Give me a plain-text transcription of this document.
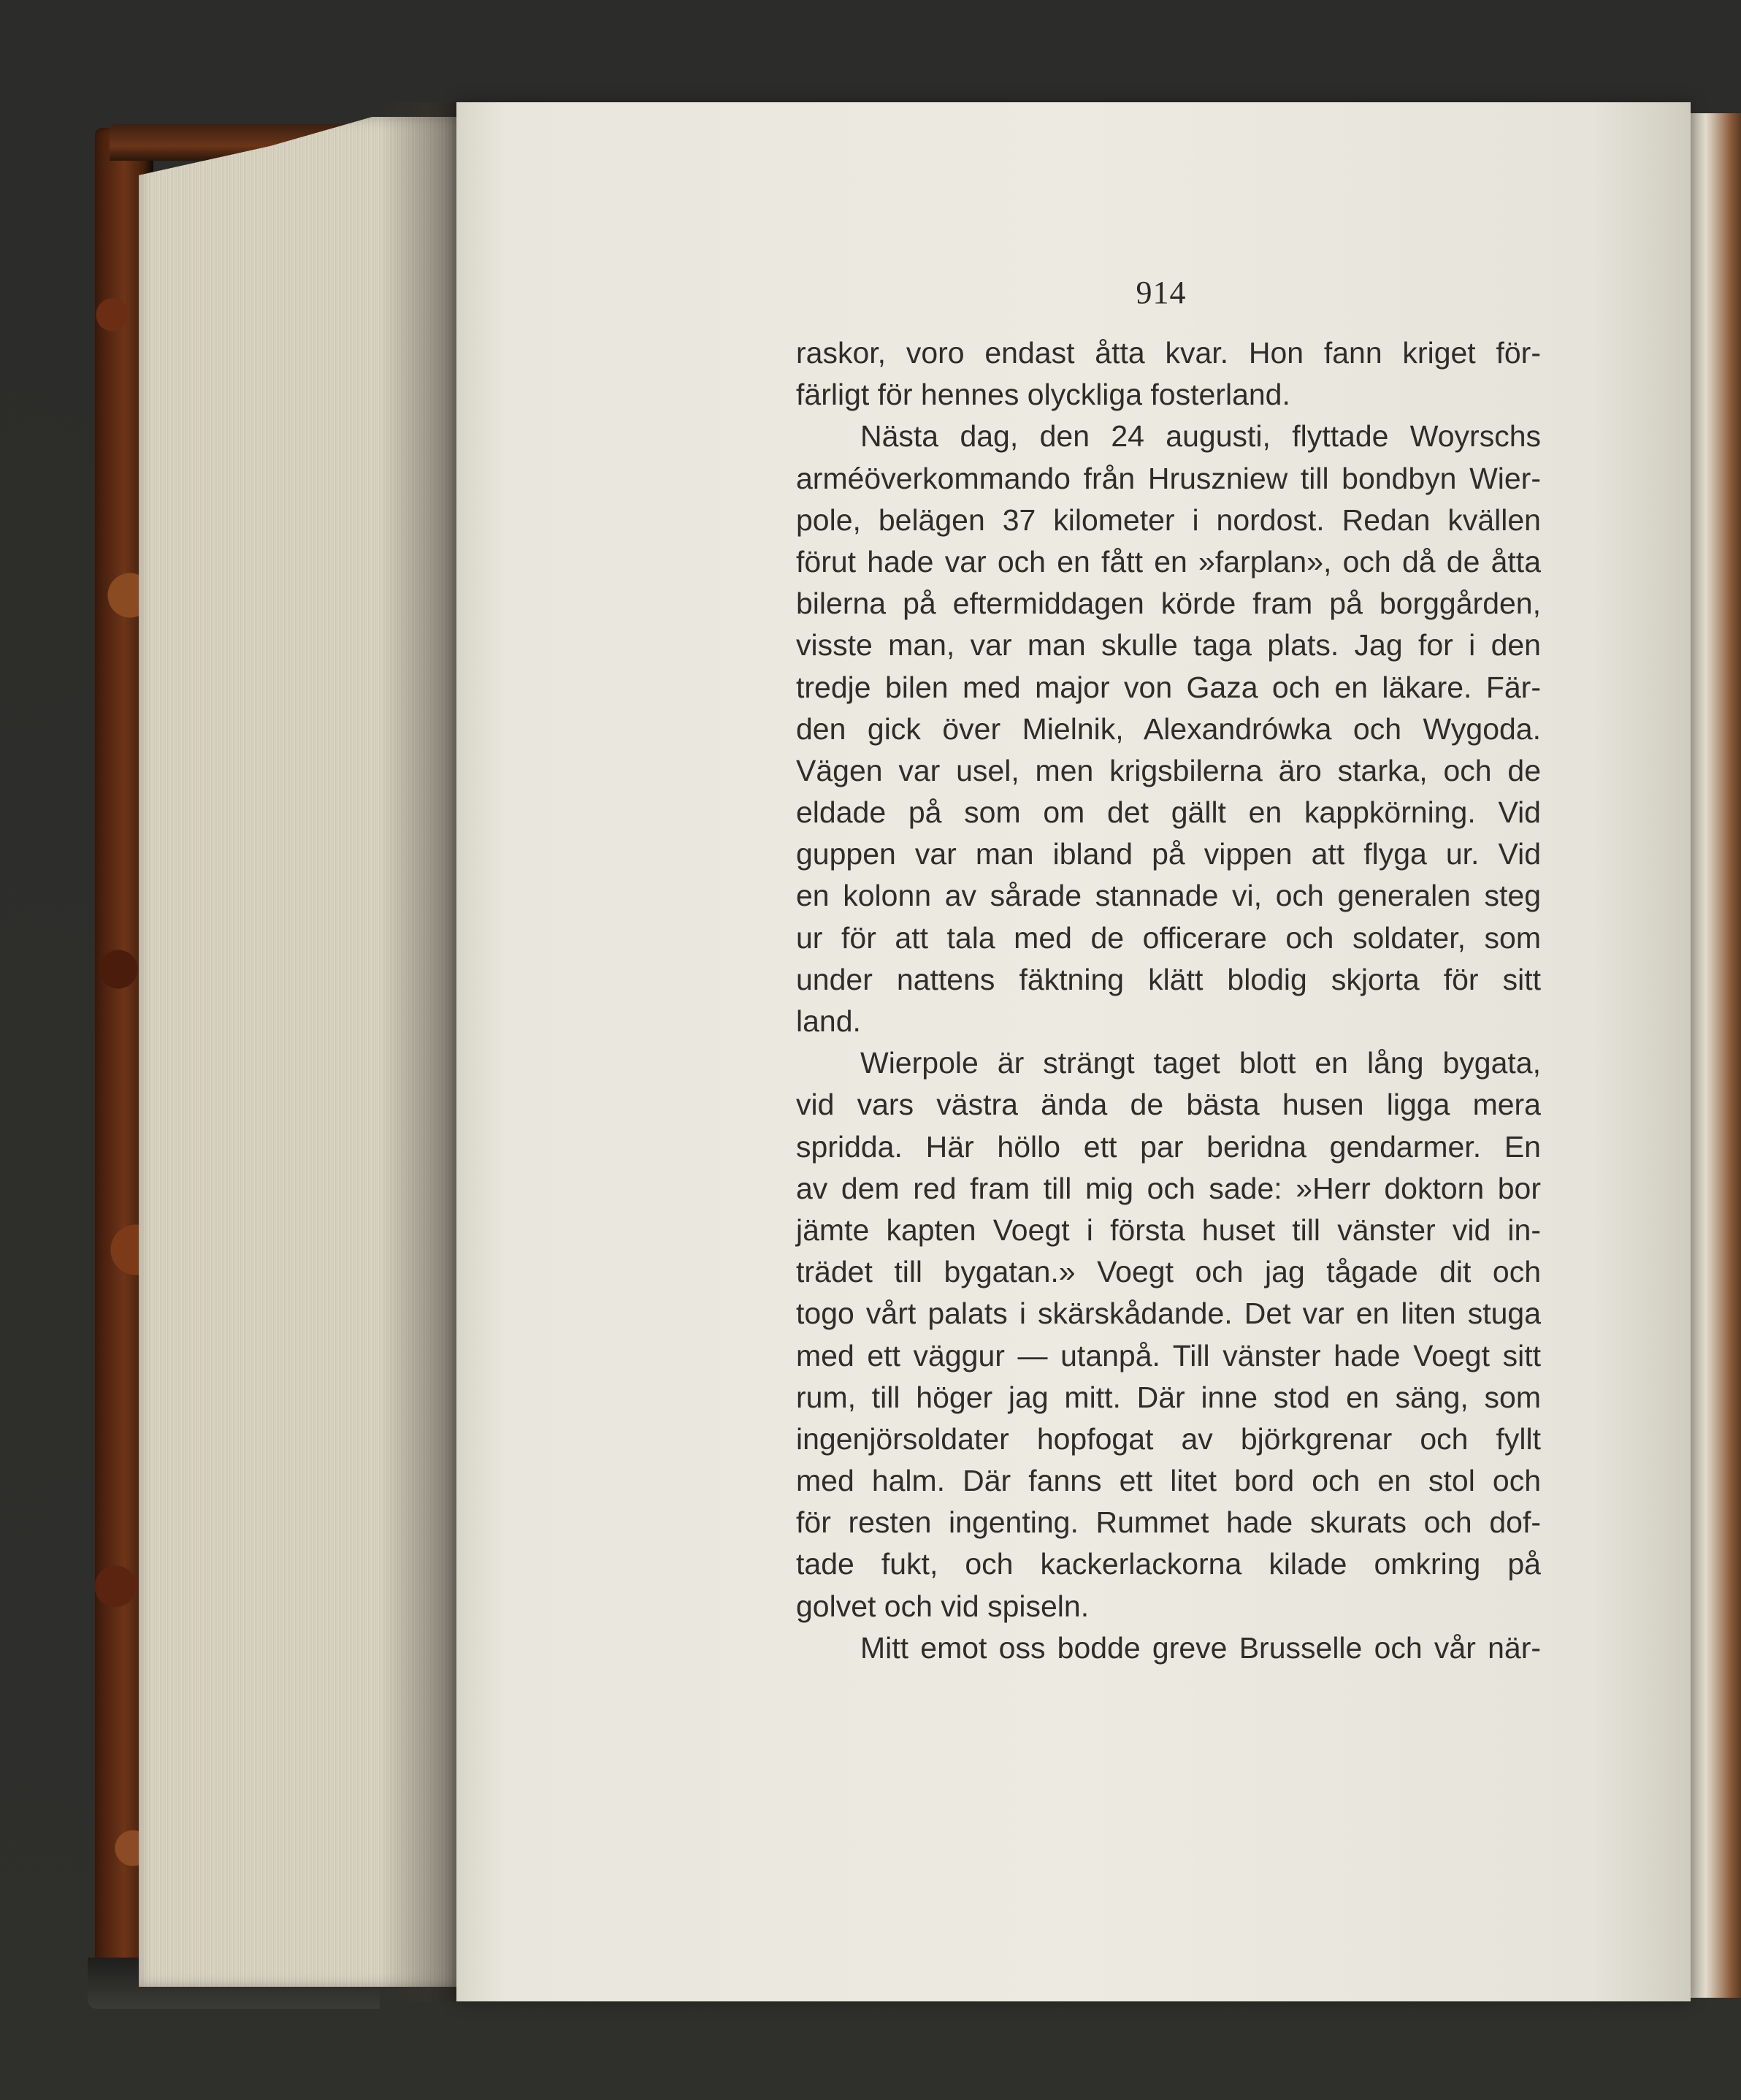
914
raskor, voro endast åtta kvar. Hon fann kriget för-
färligt för hennes olyckliga fosterland.
Nästa dag, den 24 augusti, flyttade Woyrschs
arméöverkommando från Hruszniew till bondbyn Wier-
pole, belägen 37 kilometer i nordost. Redan kvällen
förut hade var och en fått en »farplan», och då de åtta
bilerna på eftermiddagen körde fram på borggården,
visste man, var man skulle taga plats. Jag for i den
tredje bilen med major von Gaza och en läkare. Fär-
den gick över Mielnik, Alexandrówka och Wygoda.
Vägen var usel, men krigsbilerna äro starka, och de
eldade på som om det gällt en kappkörning. Vid
guppen var man ibland på vippen att flyga ur. Vid
en kolonn av sårade stannade vi, och generalen steg
ur för att tala med de officerare och soldater, som
under nattens fäktning klätt blodig skjorta för sitt
land.
Wierpole är strängt taget blott en lång bygata,
vid vars västra ända de bästa husen ligga mera
spridda. Här höllo ett par beridna gendarmer. En
av dem red fram till mig och sade: »Herr doktorn bor
jämte kapten Voegt i första huset till vänster vid in-
trädet till bygatan.» Voegt och jag tågade dit och
togo vårt palats i skärskådande. Det var en liten stuga
med ett väggur — utanpå. Till vänster hade Voegt sitt
rum, till höger jag mitt. Där inne stod en säng, som
ingenjörsoldater hopfogat av björkgrenar och fyllt
med halm. Där fanns ett litet bord och en stol och
för resten ingenting. Rummet hade skurats och dof-
tade fukt, och kackerlackorna kilade omkring på
golvet och vid spiseln.
Mitt emot oss bodde greve Brusselle och vår när-
